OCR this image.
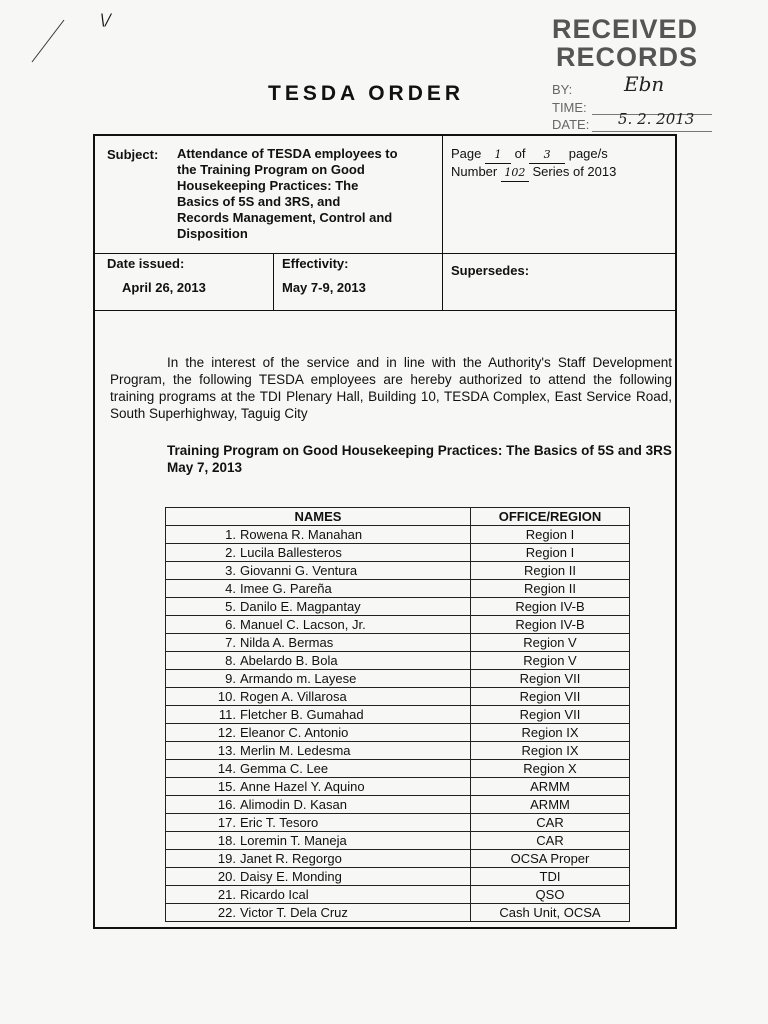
\/
TESDA ORDER
RECEIVED
RECORDS
BY:	Ebn
TIME:
DATE: 5. 2. 2013
Subject: Attendance of TESDA employees to
the Training Program on Good
Housekeeping Practices: The
Basics of 5S and 3RS, and
Records Management, Control and
Disposition
Page 1 of 3 page/s
Number 102 Series of 2013
Date issued:
April 26, 2013
Effectivity:
May 7-9, 2013
Supersedes:

In the interest of the service and in line with the Authority's Staff Development Program, the following TESDA employees are hereby authorized to attend the following training programs at the TDI Plenary Hall, Building 10, TESDA Complex, East Service Road, South Superhighway, Taguig City

Training Program on Good Housekeeping Practices: The Basics of 5S and 3RS
May 7, 2013
NAMES	OFFICE/REGION
1. Rowena R. Manahan	Region I
2. Lucila Ballesteros	Region I
3. Giovanni G. Ventura	Region II
4. Imee G. Pareña	Region II
5. Danilo E. Magpantay	Region IV-B
6. Manuel C. Lacson, Jr.	Region IV-B
7. Nilda A. Bermas	Region V
8. Abelardo B. Bola	Region V
9. Armando m. Layese	Region VII
10. Rogen A. Villarosa	Region VII
11. Fletcher B. Gumahad	Region VII
12. Eleanor C. Antonio	Region IX
13. Merlin M. Ledesma	Region IX
14. Gemma C. Lee	Region X
15. Anne Hazel Y. Aquino	ARMM
16. Alimodin D. Kasan	ARMM
17. Eric T. Tesoro	CAR
18. Loremin T. Maneja	CAR
19. Janet R. Regorgo	OCSA Proper
20. Daisy E. Monding	TDI
21. Ricardo Ical	QSO
22. Victor T. Dela Cruz	Cash Unit, OCSA
